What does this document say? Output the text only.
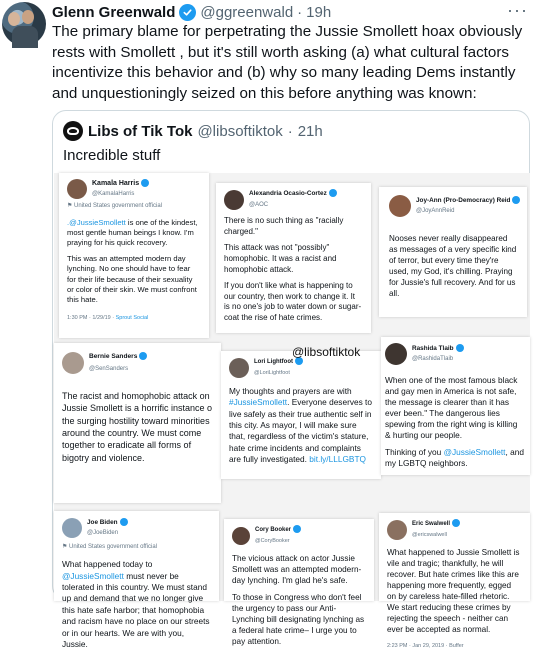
Glenn Greenwald @ggreenwald · 19h	···
The primary blame for perpetrating the Jussie Smollett hoax obviously rests with Smollett , but it's still worth asking (a) what cultural factors incentivize this behavior and (b) why so many leading Dems instantly and unquestioningly seized on this before anything was known:
Libs of Tik Tok @libsoftiktok · 21h
Incredible stuff
Kamala Harris
@KamalaHarris
⚑ United States government official

.@JussieSmollett is one of the kindest, most gentle human beings I know. I'm praying for his quick recovery.

This was an attempted modern day lynching. No one should have to fear for their life because of their sexuality or color of their skin. We must confront this hate.

1:30 PM · 1/29/19 · Sprout Social

Alexandria Ocasio-Cortez
@AOC

There is no such thing as "racially charged."

This attack was not "possibly" homophobic. It was a racist and homophobic attack.

If you don't like what is happening to our country, then work to change it. It is no one's job to water down or sugar-coat the rise of hate crimes.

Joy-Ann (Pro-Democracy) Reid
@JoyAnnReid

Nooses never really disappeared as messages of a very specific kind of terror, but every time they're used, my God, it's chilling. Praying for Jussie's full recovery. And for us all.

Bernie Sanders
@SenSanders

The racist and homophobic attack on Jussie Smollett is a horrific instance o the surging hostility toward minorities around the country. We must come together to eradicate all forms of bigotry and violence.

Lori Lightfoot
@LoriLightfoot

My thoughts and prayers are with #JussieSmollett. Everyone deserves to live safely as their true authentic self in this city. As mayor, I will make sure that, regardless of the victim's stature, hate crime incidents and complaints are fully investigated. bit.ly/LLLGBTQ

@libsoftiktok	Rashida Tlaib
@RashidaTlaib

When one of the most famous black and gay men in America is not safe, the message is clearer than it has ever been." The dangerous lies spewing from the right wing is killing & hurting our people.

Thinking of you @JussieSmollett, and my LGBTQ neighbors.

Joe Biden
@JoeBiden
⚑ United States government official

What happened today to @JussieSmollett must never be tolerated in this country. We must stand up and demand that we no longer give this hate safe harbor; that homophobia and racism have no place on our streets or in our hearts. We are with you, Jussie.

Cory Booker
@CoryBooker

The vicious attack on actor Jussie Smollett was an attempted modern-day lynching. I'm glad he's safe.

To those in Congress who don't feel the urgency to pass our Anti-Lynching bill designating lynching as a federal hate crime– I urge you to pay attention.

Eric Swalwell
@ericswalwell

What happened to Jussie Smollett is vile and tragic; thankfully, he will recover. But hate crimes like this are happening more frequently, egged on by careless hate-filled rhetoric. We start reducing these crimes by rejecting the speech - neither can ever be accepted as normal.

2:23 PM · Jan 29, 2019 · Buffer
